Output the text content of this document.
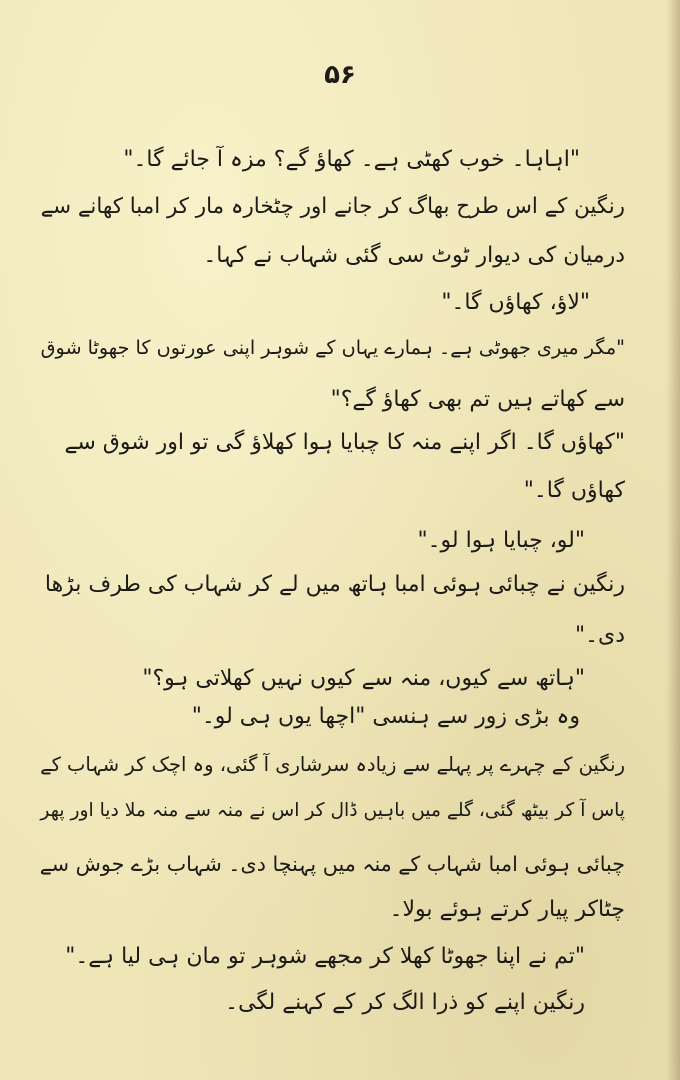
۵۶
"اہاہا۔ خوب کھٹی ہے۔ کھاؤ گے؟ مزہ آ جائے گا۔"
رنگین کے اس طرح بھاگ کر جانے اور چٹخارہ مار کر امبا کھانے سے
درمیان کی دیوار ٹوٹ سی گئی شہاب نے کہا۔
"لاؤ، کھاؤں گا۔"
"مگر میری جھوٹی ہے۔ ہمارے یہاں کے شوہر اپنی عورتوں کا جھوٹا شوق
سے کھاتے ہیں تم بھی کھاؤ گے؟"
"کھاؤں گا۔ اگر اپنے منہ کا چبایا ہوا کھلاؤ گی تو اور شوق سے
کھاؤں گا۔"
"لو، چبایا ہوا لو۔"
رنگین نے چبائی ہوئی امبا ہاتھ میں لے کر شہاب کی طرف بڑھا
دی۔"
"ہاتھ سے کیوں، منہ سے کیوں نہیں کھلاتی ہو؟"
وہ بڑی زور سے ہنسی "اچھا یوں ہی لو۔"
رنگین کے چہرے پر پہلے سے زیادہ سرشاری آ گئی، وہ اچک کر شہاب کے
پاس آ کر بیٹھ گئی، گلے میں باہیں ڈال کر اس نے منہ سے منہ ملا دیا اور پھر
چبائی ہوئی امبا شہاب کے منہ میں پہنچا دی۔ شہاب بڑے جوش سے
چٹاکر پیار کرتے ہوئے بولا۔
"تم نے اپنا جھوٹا کھلا کر مجھے شوہر تو مان ہی لیا ہے۔"
رنگین اپنے کو ذرا الگ کر کے کہنے لگی۔
